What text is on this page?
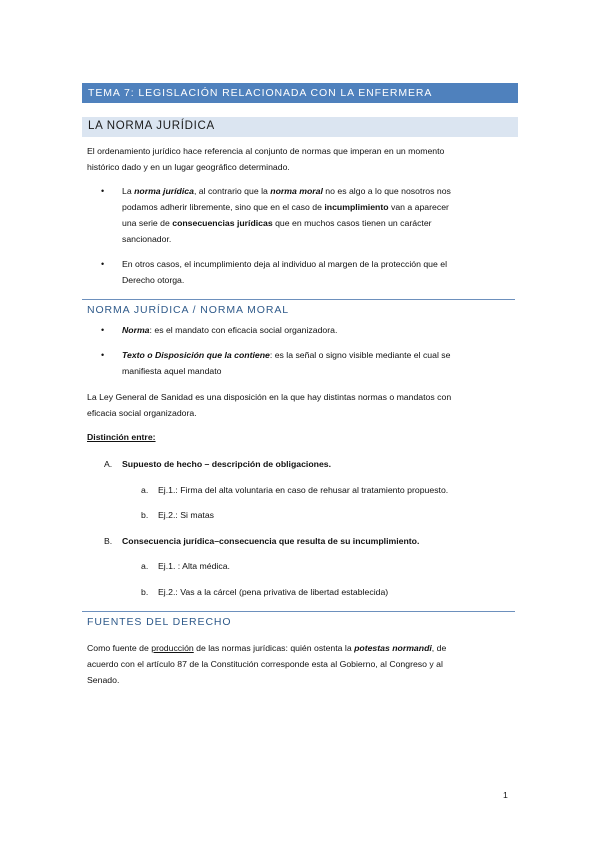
TEMA 7: LEGISLACIÓN RELACIONADA CON LA ENFERMERA
LA NORMA JURÍDICA
El ordenamiento jurídico hace referencia al conjunto de normas que imperan en un momento
histórico dado y en un lugar geográfico determinado.
• La norma jurídica, al contrario que la norma moral no es algo a lo que nosotros nos
podamos adherir libremente, sino que en el caso de incumplimiento van a aparecer
una serie de consecuencias jurídicas que en muchos casos tienen un carácter
sancionador.
• En otros casos, el incumplimiento deja al individuo al margen de la protección que el
Derecho otorga.
NORMA JURÍDICA / NORMA MORAL
• Norma: es el mandato con eficacia social organizadora.
• Texto o Disposición que la contiene: es la señal o signo visible mediante el cual se
manifiesta aquel mandato
La Ley General de Sanidad es una disposición en la que hay distintas normas o mandatos con
eficacia social organizadora.
Distinción entre:
A. Supuesto de hecho – descripción de obligaciones.
a. Ej.1.: Firma del alta voluntaria en caso de rehusar al tratamiento propuesto.
b. Ej.2.: Si matas
B. Consecuencia jurídica–consecuencia que resulta de su incumplimiento.
a. Ej.1. : Alta médica.
b. Ej.2.: Vas a la cárcel (pena privativa de libertad establecida)
FUENTES DEL DERECHO
Como fuente de producción de las normas jurídicas: quién ostenta la potestas normandi, de
acuerdo con el artículo 87 de la Constitución corresponde esta al Gobierno, al Congreso y al
Senado.
1
